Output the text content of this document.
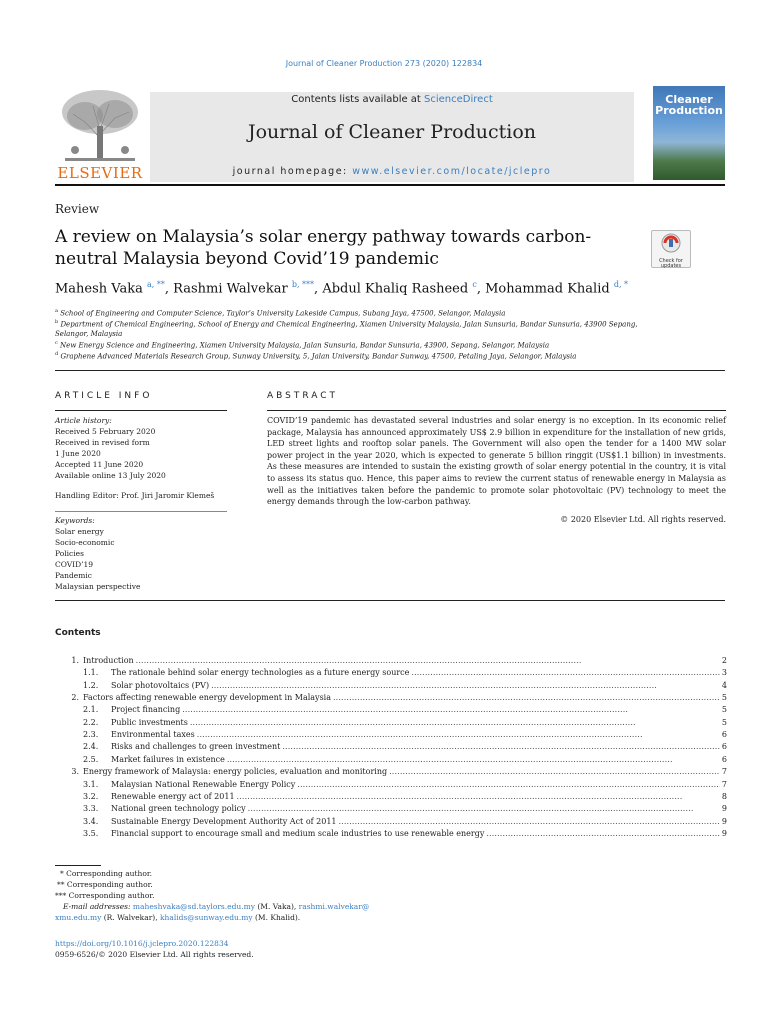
Journal of Cleaner Production 273 (2020) 122834
ELSEVIER
Contents lists available at ScienceDirect
Journal of Cleaner Production
journal homepage: www.elsevier.com/locate/jclepro
Cleaner
Production
Review
A review on Malaysia’s solar energy pathway towards carbon-neutral Malaysia beyond Covid’19 pandemic	Check for updates
Mahesh Vaka $^{a, **}$, Rashmi Walvekar $^{b, ***}$, Abdul Khaliq Rasheed $^c$, Mohammad Khalid $^{d, *}$
$^a$ School of Engineering and Computer Science, Taylor’s University Lakeside Campus, Subang Jaya, 47500, Selangor, Malaysia
$^b$ Department of Chemical Engineering, School of Energy and Chemical Engineering, Xiamen University Malaysia, Jalan Sunsuria, Bandar Sunsuria, 43900 Sepang, Selangor, Malaysia
$^c$ New Energy Science and Engineering, Xiamen University Malaysia, Jalan Sunsuria, Bandar Sunsuria, 43900, Sepang, Selangor, Malaysia
$^d$ Graphene Advanced Materials Research Group, Sunway University, 5, Jalan University, Bandar Sunway, 47500, Petaling Jaya, Selangor, Malaysia
ARTICLE INFO
Article history:
Received 5 February 2020
Received in revised form
1 June 2020
Accepted 11 June 2020
Available online 13 July 2020
Handling Editor: Prof. Jiri Jaromir Klemeš
Keywords:
Solar energy
Socio-economic
Policies
COVID’19
Pandemic
Malaysian perspective
ABSTRACT
COVID’19 pandemic has devastated several industries and solar energy is no exception. In its economic relief package, Malaysia has announced approximately US$ 2.9 billion in expenditure for the installation of new grids, LED street lights and rooftop solar panels. The Government will also open the tender for a 1400 MW solar power project in the year 2020, which is expected to generate 5 billion ringgit (US$1.1 billion) in investments. As these measures are intended to sustain the existing growth of solar energy potential in the country, it is vital to assess its status quo. Hence, this paper aims to review the current status of renewable energy in Malaysia as well as the initiatives taken before the pandemic to promote solar photovoltaic (PV) technology to meet the energy demands through the low-carbon pathway.
© 2020 Elsevier Ltd. All rights reserved.
Contents
1. Introduction . . .	2
1.1.	The rationale behind solar energy technologies as a future energy source . . .	3
1.2.	Solar photovoltaics (PV) . . .	4
2. Factors affecting renewable energy development in Malaysia . . .	5
2.1.	Project financing . . .	5
2.2.	Public investments . . .	5
2.3.	Environmental taxes . . .	6
2.4.	Risks and challenges to green investment . . .	6
2.5.	Market failures in existence . . .	6
3. Energy framework of Malaysia: energy policies, evaluation and monitoring . . .	7
3.1.	Malaysian National Renewable Energy Policy . . .	7
3.2.	Renewable energy act of 2011 . . .	8
3.3.	National green technology policy . . .	9
3.4.	Sustainable Energy Development Authority Act of 2011 . . .	9
3.5.	Financial support to encourage small and medium scale industries to use renewable energy . . .	9
* Corresponding author.
** Corresponding author.
*** Corresponding author.
E-mail addresses: maheshvaka@sd.taylors.edu.my (M. Vaka), rashmi.walvekar@
xmu.edu.my (R. Walvekar), khalids@sunway.edu.my (M. Khalid).
https://doi.org/10.1016/j.jclepro.2020.122834
0959-6526/© 2020 Elsevier Ltd. All rights reserved.
